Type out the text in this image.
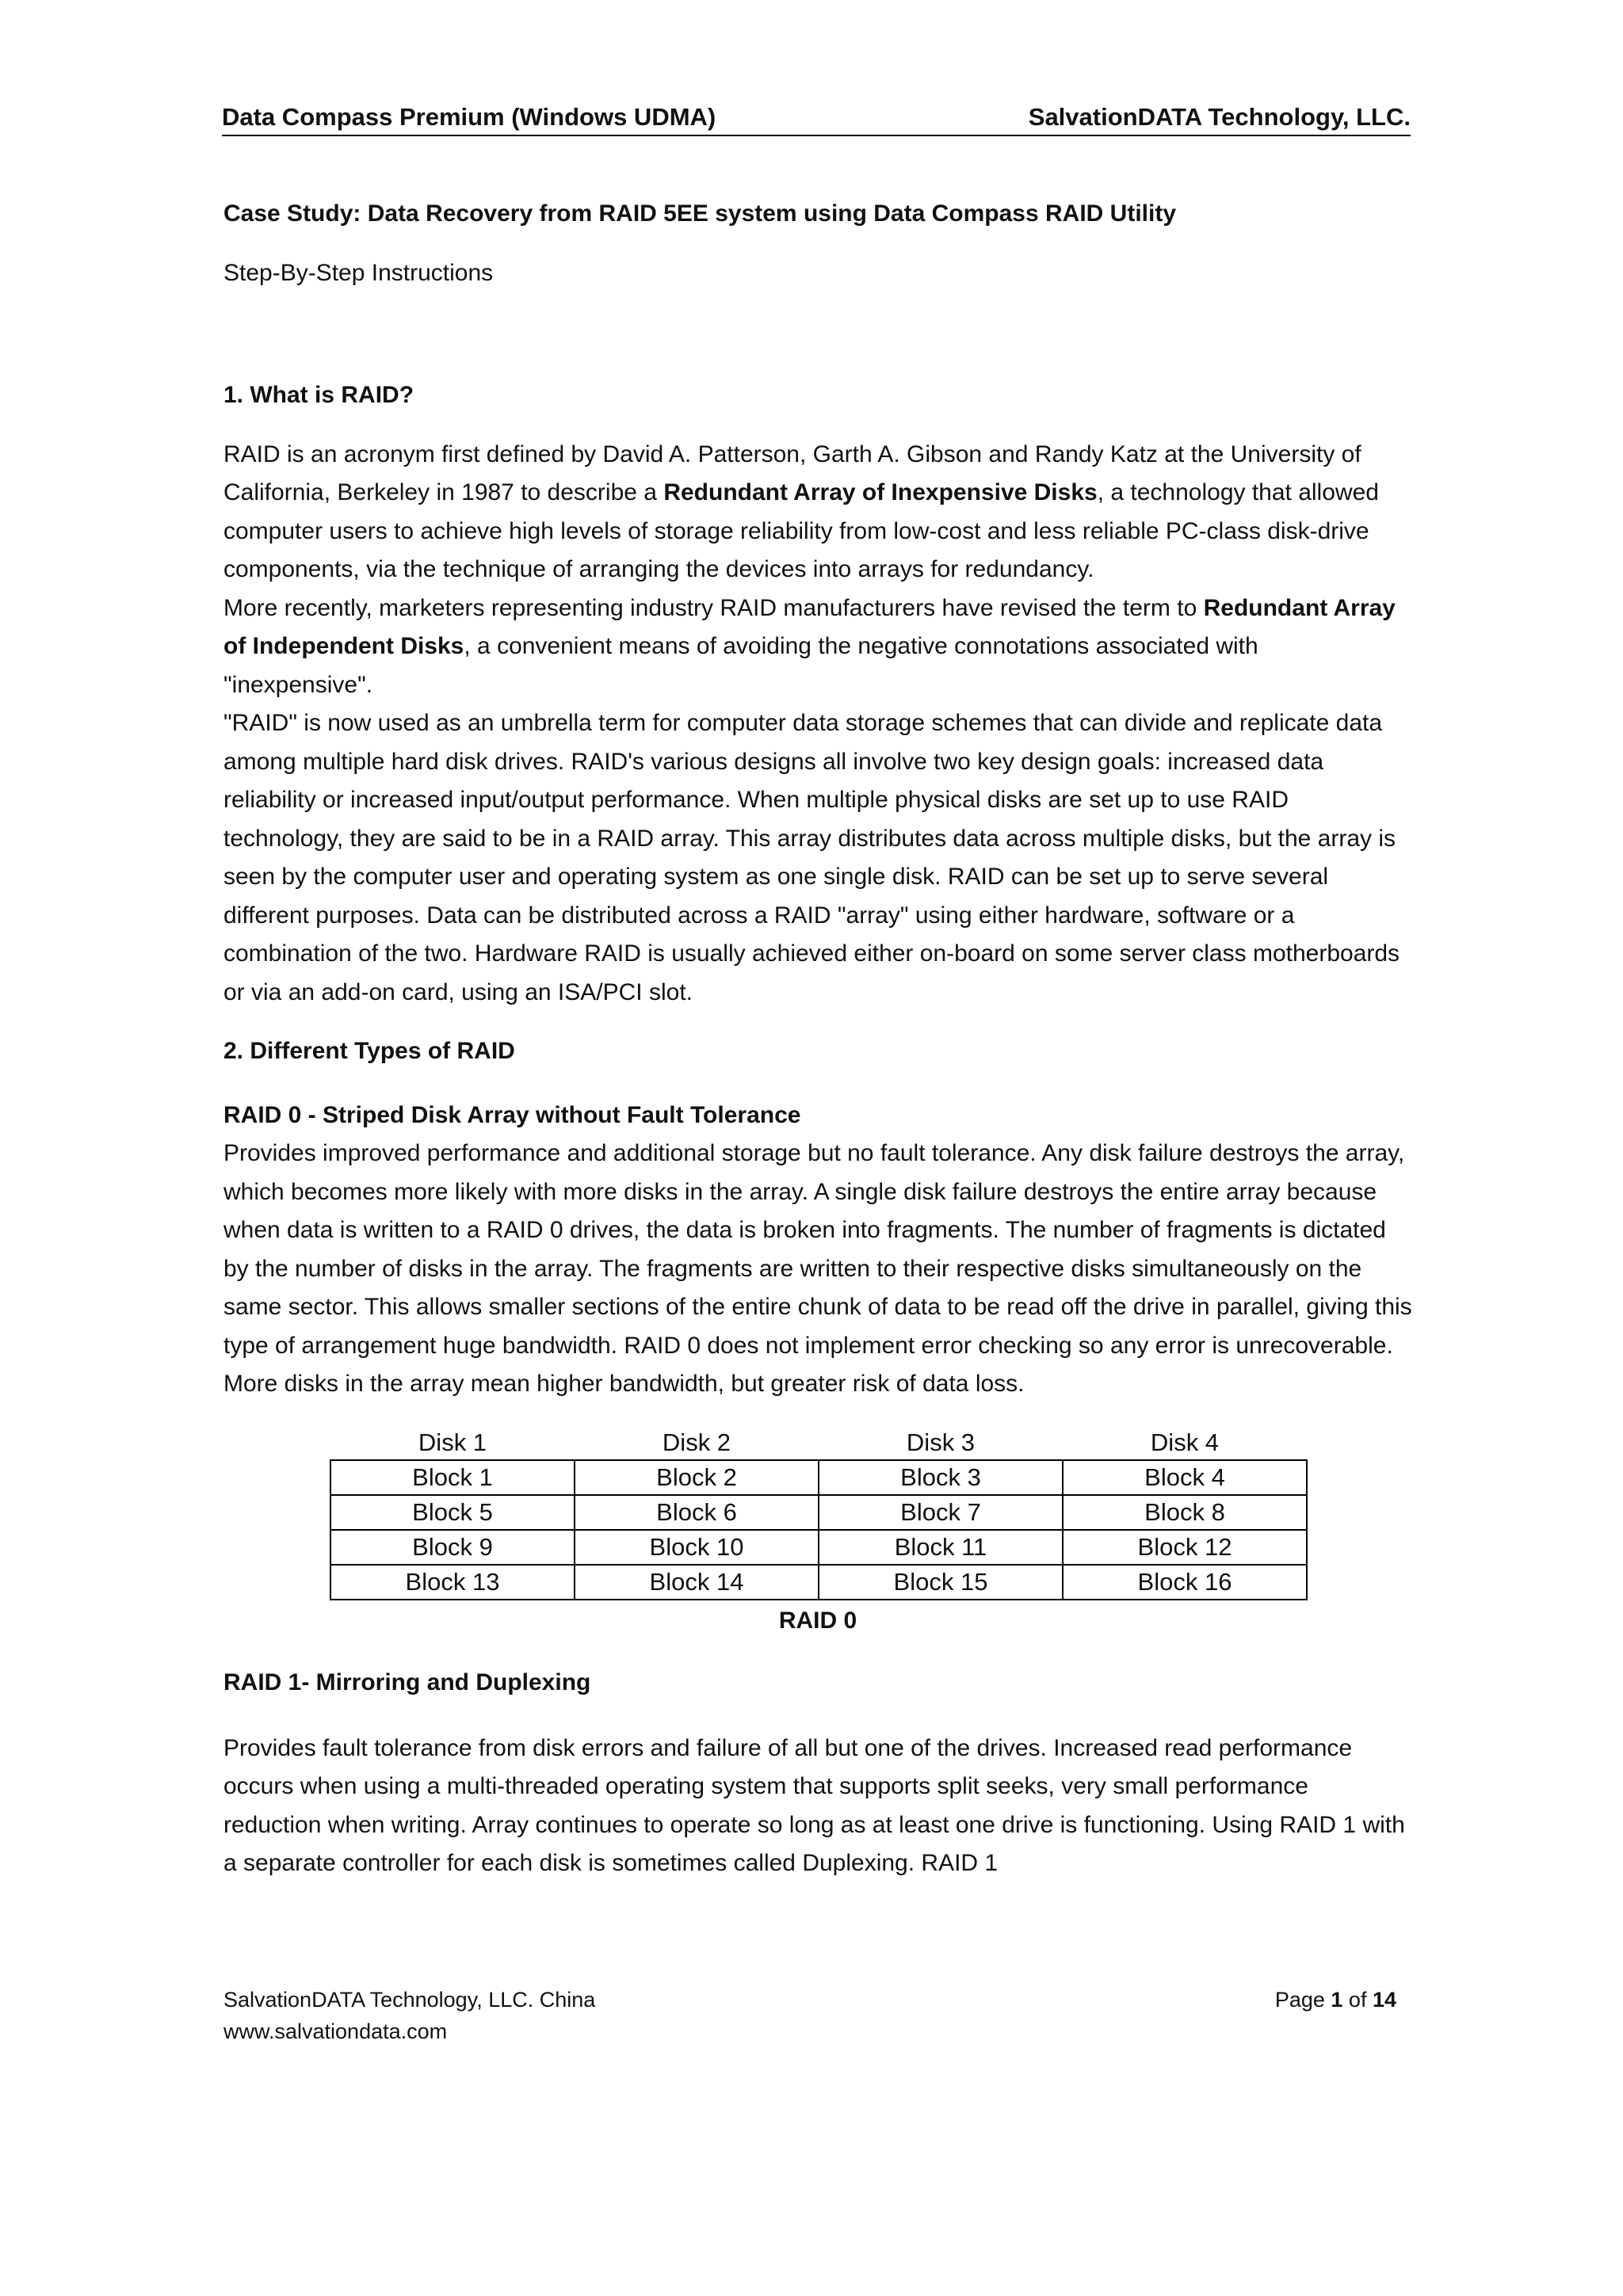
Data Compass Premium (Windows UDMA)	SalvationDATA Technology, LLC.

Case Study: Data Recovery from RAID 5EE system using Data Compass RAID Utility

Step-By-Step Instructions

1. What is RAID?

RAID is an acronym first defined by David A. Patterson, Garth A. Gibson and Randy Katz at the University of California, Berkeley in 1987 to describe a Redundant Array of Inexpensive Disks, a technology that allowed computer users to achieve high levels of storage reliability from low-cost and less reliable PC-class disk-drive components, via the technique of arranging the devices into arrays for redundancy.

More recently, marketers representing industry RAID manufacturers have revised the term to Redundant Array of Independent Disks, a convenient means of avoiding the negative connotations associated with "inexpensive".

"RAID" is now used as an umbrella term for computer data storage schemes that can divide and replicate data among multiple hard disk drives. RAID's various designs all involve two key design goals: increased data reliability or increased input/output performance. When multiple physical disks are set up to use RAID technology, they are said to be in a RAID array. This array distributes data across multiple disks, but the array is seen by the computer user and operating system as one single disk. RAID can be set up to serve several different purposes. Data can be distributed across a RAID "array" using either hardware, software or a combination of the two. Hardware RAID is usually achieved either on-board on some server class motherboards or via an add-on card, using an ISA/PCI slot.

2. Different Types of RAID

RAID 0 - Striped Disk Array without Fault Tolerance

Provides improved performance and additional storage but no fault tolerance. Any disk failure destroys the array, which becomes more likely with more disks in the array. A single disk failure destroys the entire array because when data is written to a RAID 0 drives, the data is broken into fragments. The number of fragments is dictated by the number of disks in the array. The fragments are written to their respective disks simultaneously on the same sector. This allows smaller sections of the entire chunk of data to be read off the drive in parallel, giving this type of arrangement huge bandwidth. RAID 0 does not implement error checking so any error is unrecoverable. More disks in the array mean higher bandwidth, but greater risk of data loss.

Disk 1	Disk 2	Disk 3	Disk 4
Block 1	Block 2	Block 3	Block 4
Block 5	Block 6	Block 7	Block 8
Block 9	Block 10	Block 11	Block 12
Block 13	Block 14	Block 15	Block 16
RAID 0

RAID 1- Mirroring and Duplexing

Provides fault tolerance from disk errors and failure of all but one of the drives. Increased read performance occurs when using a multi-threaded operating system that supports split seeks, very small performance reduction when writing. Array continues to operate so long as at least one drive is functioning. Using RAID 1 with a separate controller for each disk is sometimes called Duplexing. RAID 1

SalvationDATA Technology, LLC. China	Page 1 of 14
www.salvationdata.com
